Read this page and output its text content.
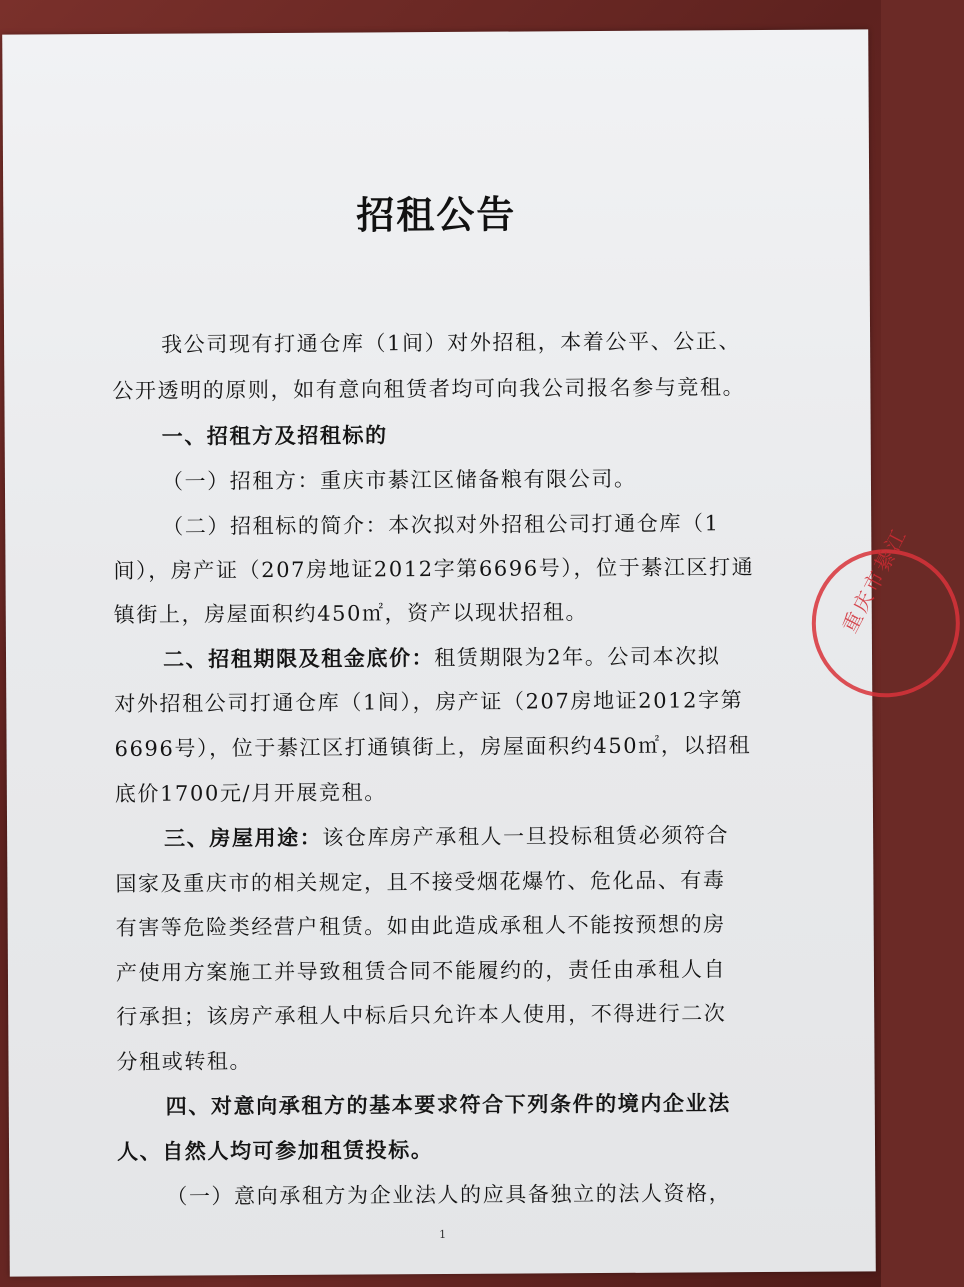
招租公告
我公司现有打通仓库（1间）对外招租，本着公平、公正、
公开透明的原则，如有意向租赁者均可向我公司报名参与竞租。
一、招租方及招租标的
（一）招租方：重庆市綦江区储备粮有限公司。
（二）招租标的简介：本次拟对外招租公司打通仓库（1
间），房产证（207房地证2012字第6696号），位于綦江区打通
镇街上，房屋面积约450㎡，资产以现状招租。
二、招租期限及租金底价：租赁期限为2年。公司本次拟
对外招租公司打通仓库（1间），房产证（207房地证2012字第
6696号），位于綦江区打通镇街上，房屋面积约450㎡，以招租
底价1700元/月开展竞租。
三、房屋用途：该仓库房产承租人一旦投标租赁必须符合
国家及重庆市的相关规定，且不接受烟花爆竹、危化品、有毒
有害等危险类经营户租赁。如由此造成承租人不能按预想的房
产使用方案施工并导致租赁合同不能履约的，责任由承租人自
行承担；该房产承租人中标后只允许本人使用，不得进行二次
分租或转租。
四、对意向承租方的基本要求符合下列条件的境内企业法
人、自然人均可参加租赁投标。
（一）意向承租方为企业法人的应具备独立的法人资格，
1
重庆市綦江
